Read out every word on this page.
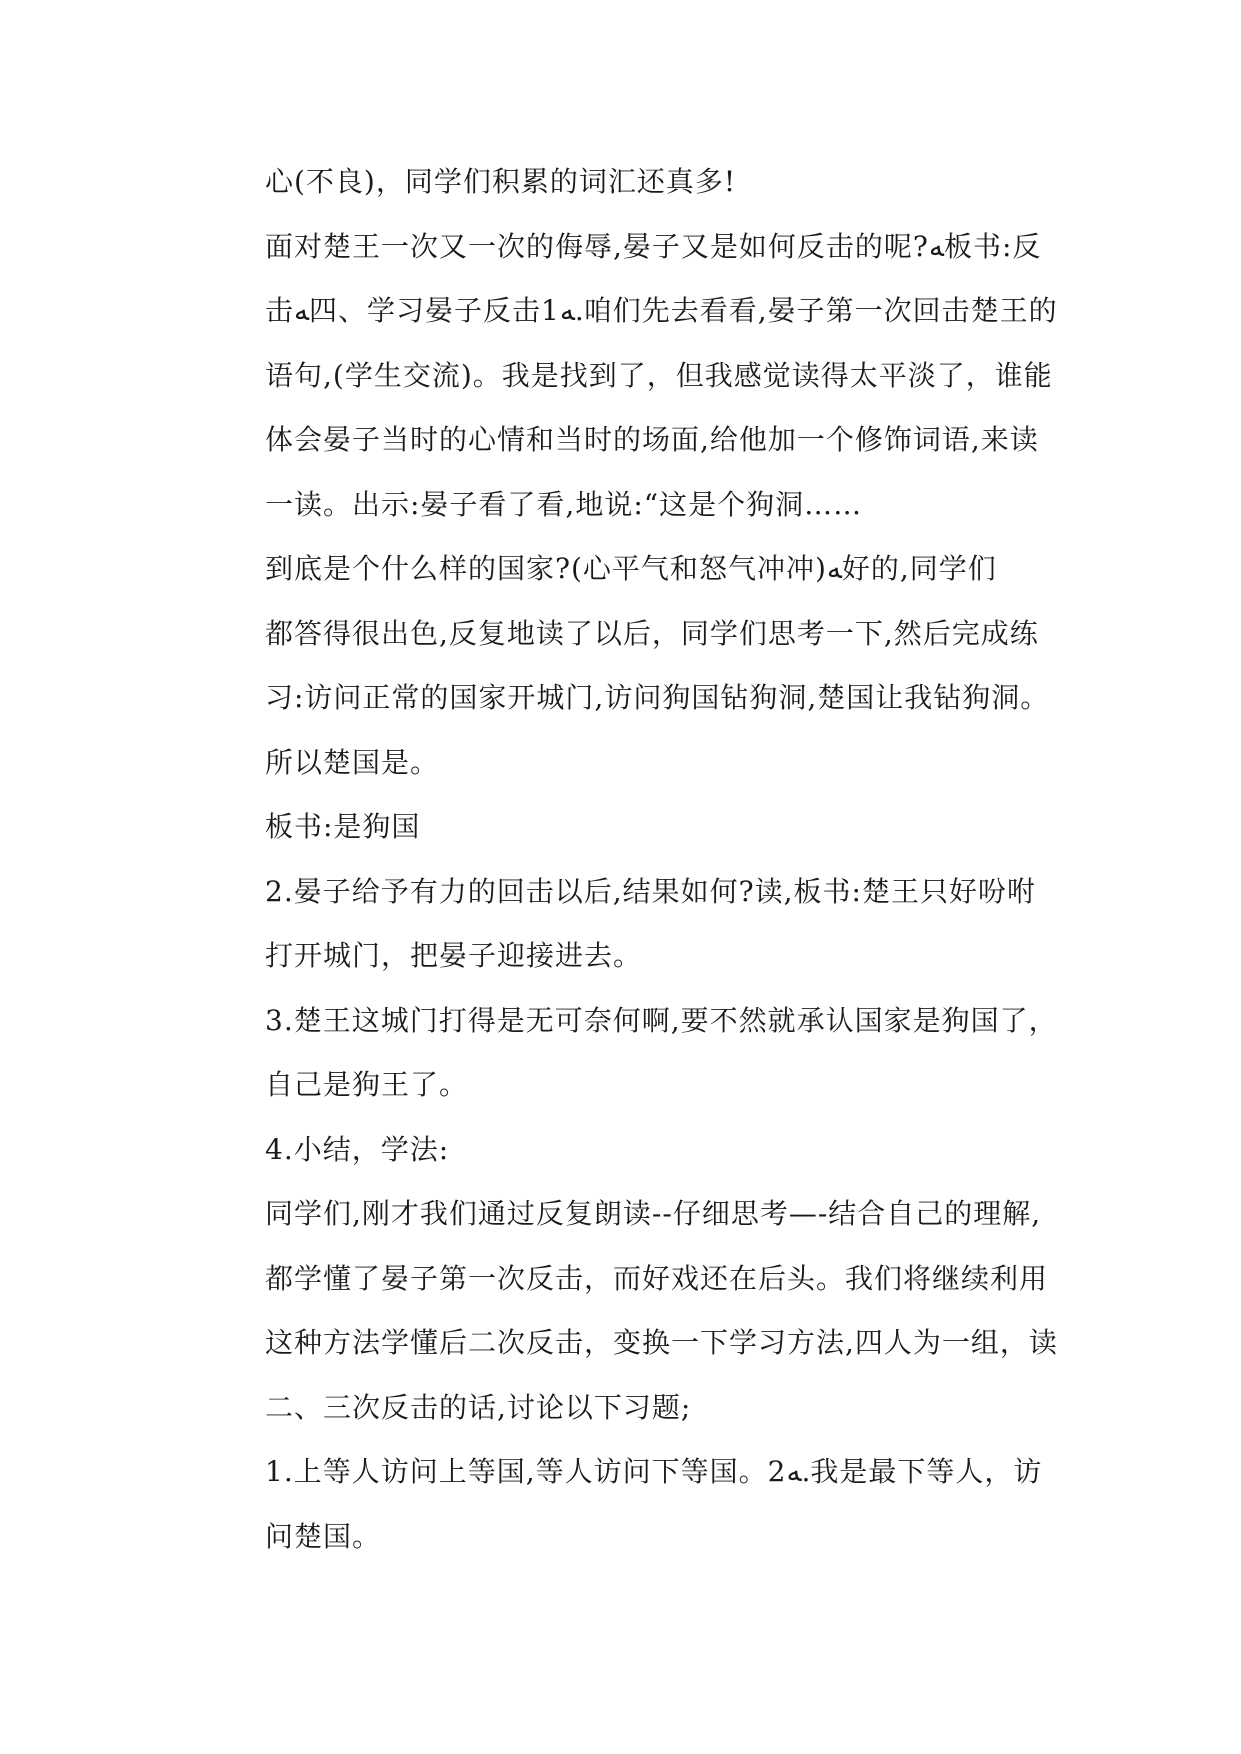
心(不良)，同学们积累的词汇还真多!
面对楚王一次又一次的侮辱,晏子又是如何反击的呢?ﻪ板书:反
击ﻪ四、学习晏子反击1ﻪ.咱们先去看看,晏子第一次回击楚王的
语句,(学生交流)。我是找到了，但我感觉读得太平淡了，谁能
体会晏子当时的心情和当时的场面,给他加一个修饰词语,来读
一读。出示:晏子看了看,地说:“这是个狗洞……
到底是个什么样的国家?(心平气和怒气冲冲)ﻪ好的,同学们
都答得很出色,反复地读了以后，同学们思考一下,然后完成练
习:访问正常的国家开城门,访问狗国钻狗洞,楚国让我钻狗洞。
所以楚国是。
板书:是狗国
2.晏子给予有力的回击以后,结果如何?读,板书:楚王只好吩咐
打开城门，把晏子迎接进去。
3.楚王这城门打得是无可奈何啊,要不然就承认国家是狗国了，
自己是狗王了。
4.小结，学法:
同学们,刚才我们通过反复朗读--仔细思考—-结合自己的理解,
都学懂了晏子第一次反击，而好戏还在后头。我们将继续利用
这种方法学懂后二次反击，变换一下学习方法,四人为一组，读
二、三次反击的话,讨论以下习题;
1.上等人访问上等国,等人访问下等国。2ﻪ.我是最下等人，访
问楚国。
